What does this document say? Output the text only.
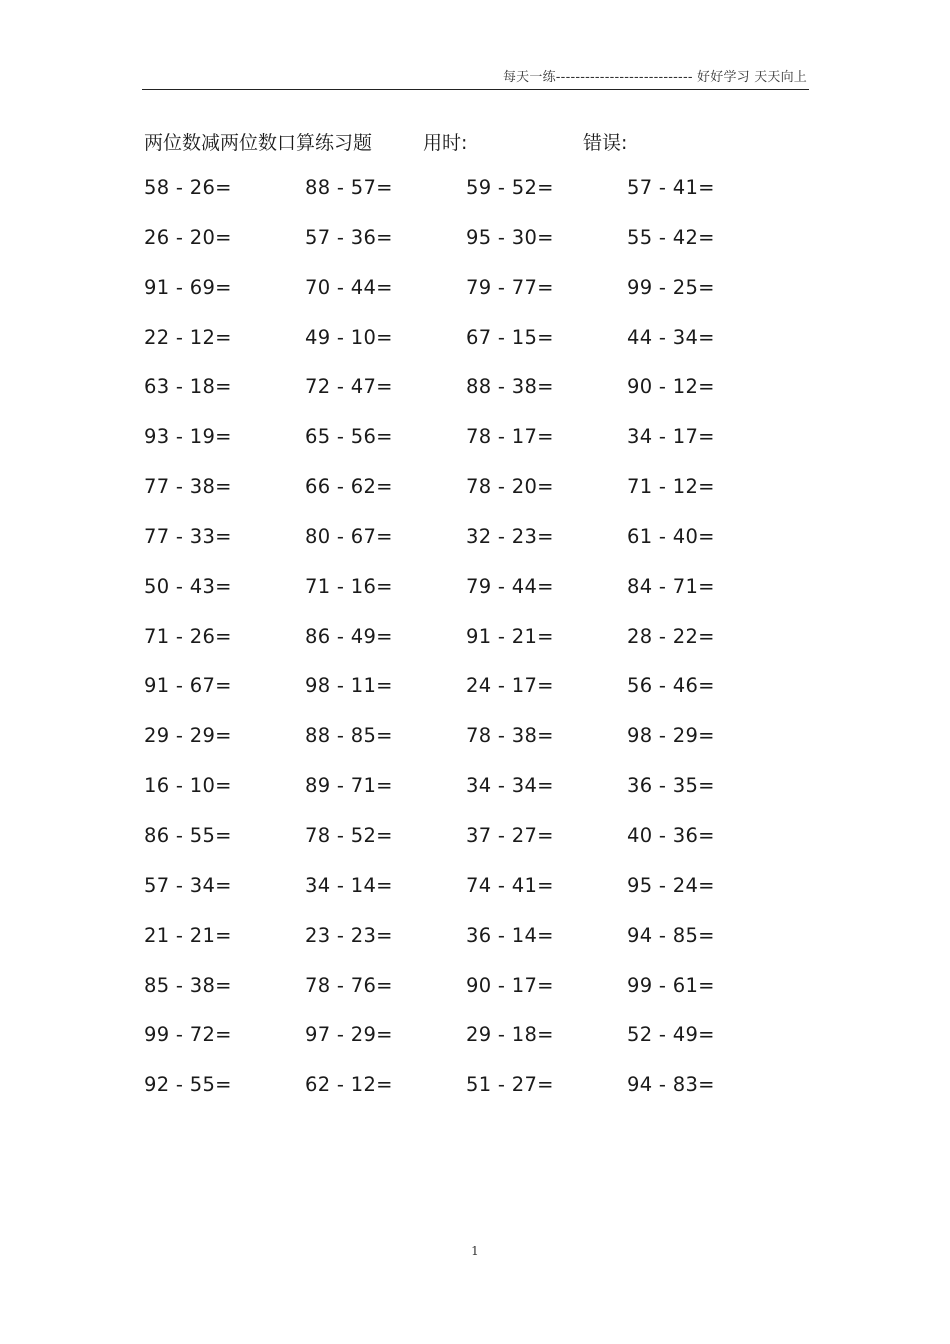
每天一练---------------------------- 好好学习 天天向上
两位数减两位数口算练习题	用时:	错误:
58 - 26=	88 - 57=	59 - 52=	57 - 41=
26 - 20=	57 - 36=	95 - 30=	55 - 42=
91 - 69=	70 - 44=	79 - 77=	99 - 25=
22 - 12=	49 - 10=	67 - 15=	44 - 34=
63 - 18=	72 - 47=	88 - 38=	90 - 12=
93 - 19=	65 - 56=	78 - 17=	34 - 17=
77 - 38=	66 - 62=	78 - 20=	71 - 12=
77 - 33=	80 - 67=	32 - 23=	61 - 40=
50 - 43=	71 - 16=	79 - 44=	84 - 71=
71 - 26=	86 - 49=	91 - 21=	28 - 22=
91 - 67=	98 - 11=	24 - 17=	56 - 46=
29 - 29=	88 - 85=	78 - 38=	98 - 29=
16 - 10=	89 - 71=	34 - 34=	36 - 35=
86 - 55=	78 - 52=	37 - 27=	40 - 36=
57 - 34=	34 - 14=	74 - 41=	95 - 24=
21 - 21=	23 - 23=	36 - 14=	94 - 85=
85 - 38=	78 - 76=	90 - 17=	99 - 61=
99 - 72=	97 - 29=	29 - 18=	52 - 49=
92 - 55=	62 - 12=	51 - 27=	94 - 83=
1
